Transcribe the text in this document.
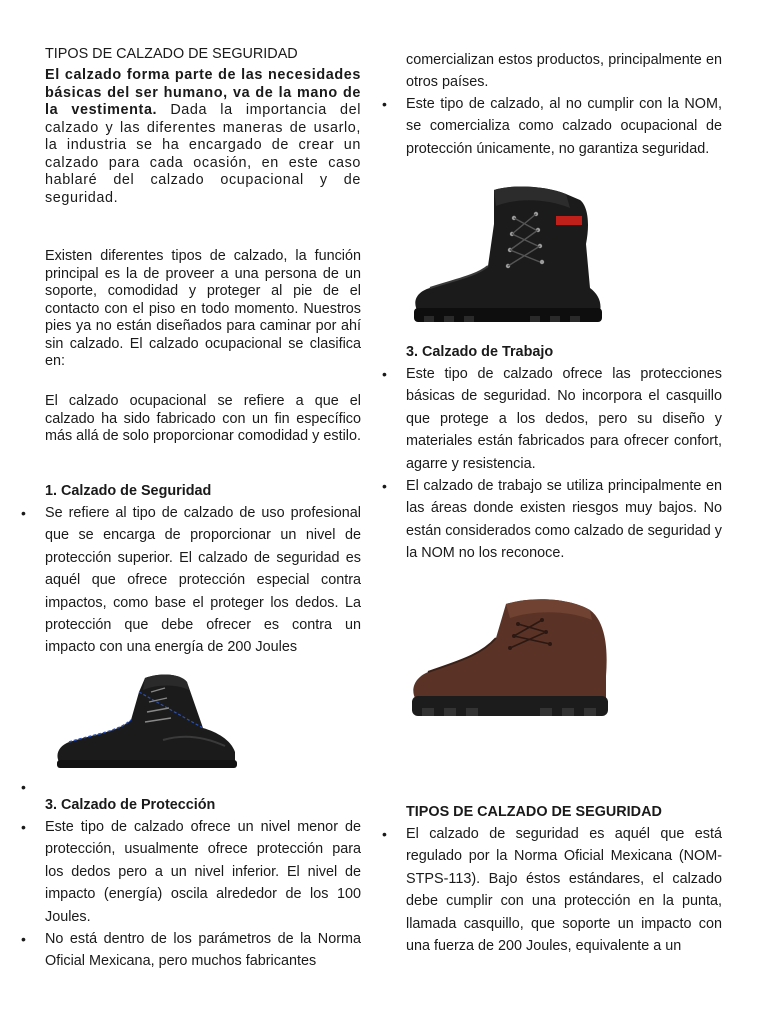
TIPOS DE CALZADO DE SEGURIDAD

El calzado forma parte de las necesidades básicas del ser humano, va de la mano de la vestimenta. Dada la importancia del calzado y las diferentes maneras de usarlo, la industria se ha encargado de crear un calzado para cada ocasión, en este caso hablaré del calzado ocupacional y de seguridad.

Existen diferentes tipos de calzado, la función principal es la de proveer a una persona de un soporte, comodidad y proteger al pie de el contacto con el piso en todo momento. Nuestros pies ya no están diseñados para caminar por ahí sin calzado. El calzado ocupacional se clasifica en:

El calzado ocupacional se refiere a que el calzado ha sido fabricado con un fin específico más allá de solo proporcionar comodidad y estilo.

1. Calzado de Seguridad

• Se refiere al tipo de calzado de uso profesional que se encarga de proporcionar un nivel de protección superior. El calzado de seguridad es aquél que ofrece protección especial contra impactos, como base el proteger los dedos. La protección que debe ofrecer es contra un impacto con una energía de 200 Joules
•

3. Calzado de Protección

• Este tipo de calzado ofrece un nivel menor de protección, usualmente ofrece protección para los dedos pero a un nivel inferior. El nivel de impacto (energía) oscila alrededor de los 100 Joules.
• No está dentro de los parámetros de la Norma Oficial Mexicana, pero muchos fabricantes

comercializan estos productos, principalmente en otros países.

• Este tipo de calzado, al no cumplir con la NOM, se comercializa como calzado ocupacional de protección únicamente, no garantiza seguridad.

3. Calzado de Trabajo

• Este tipo de calzado ofrece las protecciones básicas de seguridad. No incorpora el casquillo que protege a los dedos, pero su diseño y materiales están fabricados para ofrecer confort, agarre y resistencia.
• El calzado de trabajo se utiliza principalmente en las áreas donde existen riesgos muy bajos. No están considerados como calzado de seguridad y la NOM no los reconoce.

TIPOS DE CALZADO DE SEGURIDAD

• El calzado de seguridad es aquél que está regulado por la Norma Oficial Mexicana (NOM-STPS-113). Bajo éstos estándares, el calzado debe cumplir con una protección en la punta, llamada casquillo, que soporte un impacto con una fuerza de 200 Joules, equivalente a un
